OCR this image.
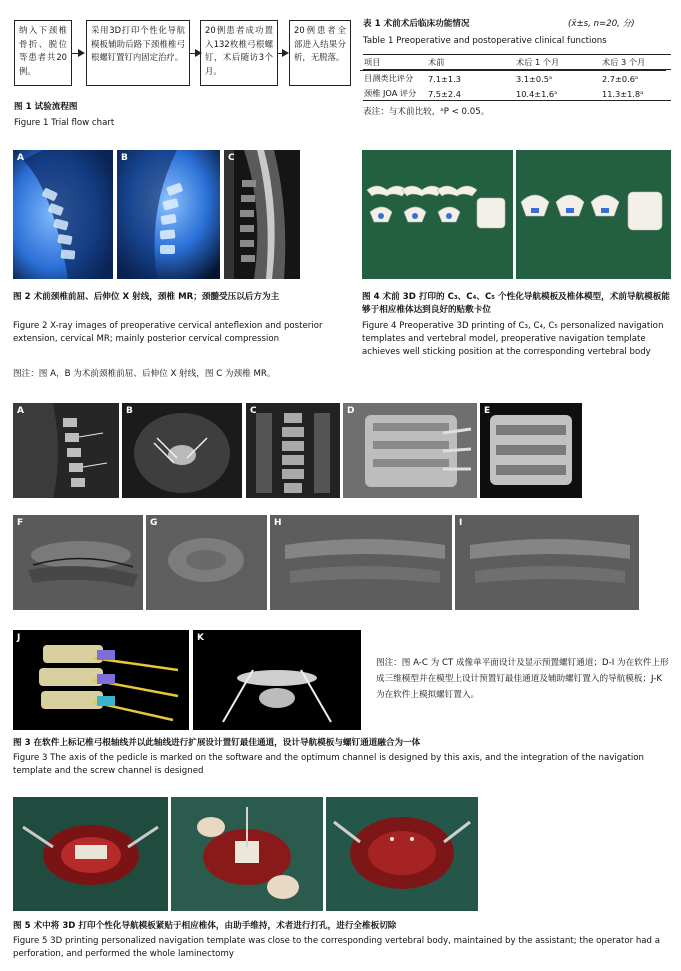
纳入下颈椎骨折、脱位等患者共20例。
采用3D打印个性化导航模板辅助后路下颈椎椎弓根螺钉置钉内固定治疗。
20例患者成功置入132枚椎弓根螺钉，术后随访3个月。
20例患者全部进入结果分析，无脱落。
图 1 试验流程图
Figure 1 Trial flow chart
表 1 术前术后临床功能情况	(x̄±s, n=20, 分)
Table 1 Preoperative and postoperative clinical functions
项目	术前	术后 1 个月	术后 3 个月
目测类比评分	7.1±1.3	3.1±0.5ᵃ	2.7±0.6ᵃ
颈椎 JOA 评分	7.5±2.4	10.4±1.6ᵃ	11.3±1.8ᵃ
表注：与术前比较，ᵃP < 0.05。
A	B	C
图 2 术前颈椎前屈、后伸位 X 射线，颈椎 MR；颈髓受压以后方为主
Figure 2 X-ray images of preoperative cervical anteflexion and posterior extension, cervical MR; mainly posterior cervical compression
图注：图 A，B 为术前颈椎前屈、后伸位 X 射线，图 C 为颈椎 MR。
图 4 术前 3D 打印的 C₃、C₄、C₅ 个性化导航模板及椎体模型，术前导航模板能够于相应椎体达到良好的贴敷卡位
Figure 4 Preoperative 3D printing of C₃, C₄, C₅ personalized navigation templates and vertebral model, preoperative navigation template achieves well sticking position at the corresponding vertebral body
A	B	C	D	E
F	G	H	I
J	K
图注：图 A-C 为 CT 成像单平面设计及显示预置螺钉通道；D-I 为在软件上形成三维模型并在模型上设计预置钉最佳通道及辅助螺钉置入的导航模板；J-K 为在软件上模拟螺钉置入。
图 3 在软件上标记椎弓根轴线并以此轴线进行扩展设计置钉最佳通道，设计导航模板与螺钉通道融合为一体
Figure 3 The axis of the pedicle is marked on the software and the optimum channel is designed by this axis, and the integration of the navigation template and the screw channel is designed
图 5 术中将 3D 打印个性化导航模板紧贴于相应椎体，由助手维持，术者进行打孔，进行全椎板切除
Figure 5 3D printing personalized navigation template was close to the corresponding vertebral body, maintained by the assistant; the operator had a perforation, and performed the whole laminectomy
